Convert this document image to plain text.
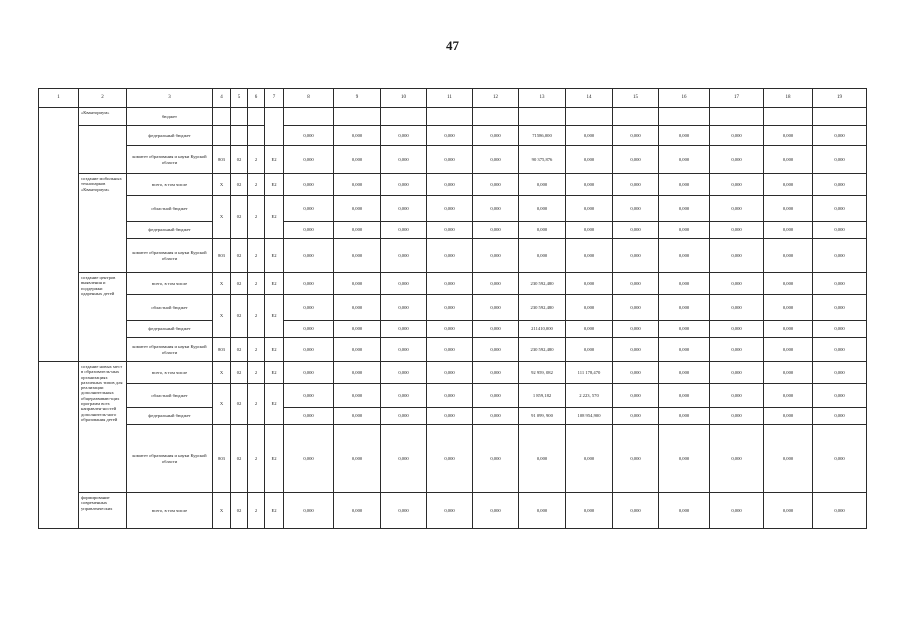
47
1	2	3	4	5	6	7	8	9	10	11	12	13	14	15	16	17	18	19
	«Кванториум»	бюджет																
		федеральный бюджет					0,000	0,000	0,000	0,000	0,000	71586,000	0,000	0,000	0,000	0,000	0,000	0,000
		комитет образования и науки Курской области	803	02	2	Е2	0,000	0,000	0,000	0,000	0,000	90 375,876	0,000	0,000	0,000	0,000	0,000	0,000
	создание мобильных технопарков «Кванториум»	всего, в том числе	X	02	2	Е2	0,000	0,000	0,000	0,000	0,000	0,000	0,000	0,000	0,000	0,000	0,000	0,000
		областной бюджет	X	02	2	Е2	0,000	0,000	0,000	0,000	0,000	0,000	0,000	0,000	0,000	0,000	0,000	0,000
		федеральный бюджет					0,000	0,000	0,000	0,000	0,000	0,000	0,000	0,000	0,000	0,000	0,000	0,000
		комитет образования и науки Курской области	803	02	2	Е2	0,000	0,000	0,000	0,000	0,000	0,000	0,000	0,000	0,000	0,000	0,000	0,000
	создание центров выявления и поддержки одаренных детей	всего, в том числе	X	02	2	Е2	0,000	0,000	0,000	0,000	0,000	230 592,480	0,000	0,000	0,000	0,000	0,000	0,000
		областной бюджет	X	02	2	Е2	0,000	0,000	0,000	0,000	0,000	230 592,480	0,000	0,000	0,000	0,000	0,000	0,000
		федеральный бюджет					0,000	0,000	0,000	0,000	0,000	211410,000	0,000	0,000	0,000	0,000	0,000	0,000
		комитет образования и науки Курской области	803	02	2	Е2	0,000	0,000	0,000	0,000	0,000	230 592,480	0,000	0,000	0,000	0,000	0,000	0,000
	создание новых мест в образователь-ных организациях различных типов для реализации дополнительных общеразвиваю-щих программ всех направлен-ностей дополнитель-ного образования детей	всего, в том числе	X	02	2	Е2	0,000	0,000	0,000	0,000	0,000	92 959, 082	111 178,470	0,000	0,000	0,000	0,000	0,000
		областной бюджет	X	02	2	Е2	0,000	0,000	0,000	0,000	0,000	1 859,182	2 223, 570	0,000	0,000	0,000	0,000	0,000
		федеральный бюджет					0,000	0,000	0,000	0,000	0,000	91 099, 900	108 954,900	0,000	0,000	0,000	0,000	0,000
		комитет образования и науки Курской области	803	02	2	Е2	0,000	0,000	0,000	0,000	0,000	0,000	0,000	0,000	0,000	0,000	0,000	0,000
	формирование современных управленческих	всего, в том числе	X	02	2	Е2	0,000	0,000	0,000	0,000	0,000	0,000	0,000	0,000	0,000	0,000	0,000	0,000
